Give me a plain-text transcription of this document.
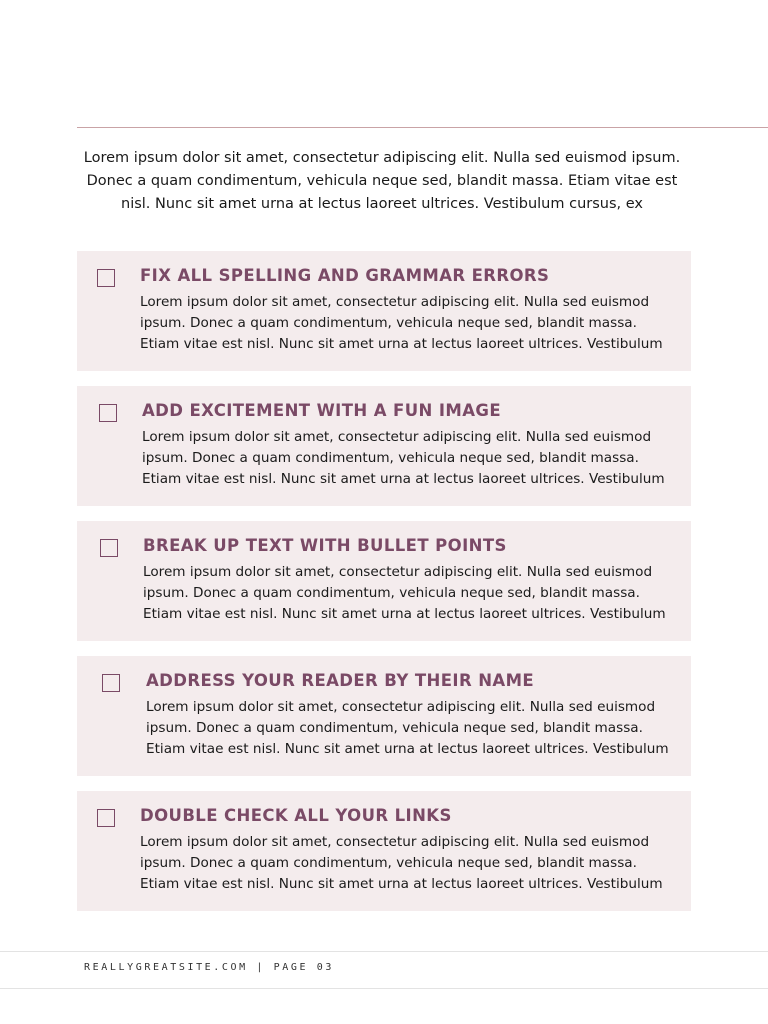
Lorem ipsum dolor sit amet, consectetur adipiscing elit. Nulla sed euismod ipsum. Donec a quam condimentum, vehicula neque sed, blandit massa. Etiam vitae est nisl. Nunc sit amet urna at lectus laoreet ultrices. Vestibulum cursus, ex

FIX ALL SPELLING AND GRAMMAR ERRORS
Lorem ipsum dolor sit amet, consectetur adipiscing elit. Nulla sed euismod ipsum. Donec a quam condimentum, vehicula neque sed, blandit massa. Etiam vitae est nisl. Nunc sit amet urna at lectus laoreet ultrices. Vestibulum
ADD EXCITEMENT WITH A FUN IMAGE
Lorem ipsum dolor sit amet, consectetur adipiscing elit. Nulla sed euismod ipsum. Donec a quam condimentum, vehicula neque sed, blandit massa. Etiam vitae est nisl. Nunc sit amet urna at lectus laoreet ultrices. Vestibulum
BREAK UP TEXT WITH BULLET POINTS
Lorem ipsum dolor sit amet, consectetur adipiscing elit. Nulla sed euismod ipsum. Donec a quam condimentum, vehicula neque sed, blandit massa. Etiam vitae est nisl. Nunc sit amet urna at lectus laoreet ultrices. Vestibulum
ADDRESS YOUR READER BY THEIR NAME
Lorem ipsum dolor sit amet, consectetur adipiscing elit. Nulla sed euismod ipsum. Donec a quam condimentum, vehicula neque sed, blandit massa. Etiam vitae est nisl. Nunc sit amet urna at lectus laoreet ultrices. Vestibulum
DOUBLE CHECK ALL YOUR LINKS
Lorem ipsum dolor sit amet, consectetur adipiscing elit. Nulla sed euismod ipsum. Donec a quam condimentum, vehicula neque sed, blandit massa. Etiam vitae est nisl. Nunc sit amet urna at lectus laoreet ultrices. Vestibulum
REALLYGREATSITE.COM | PAGE 03
